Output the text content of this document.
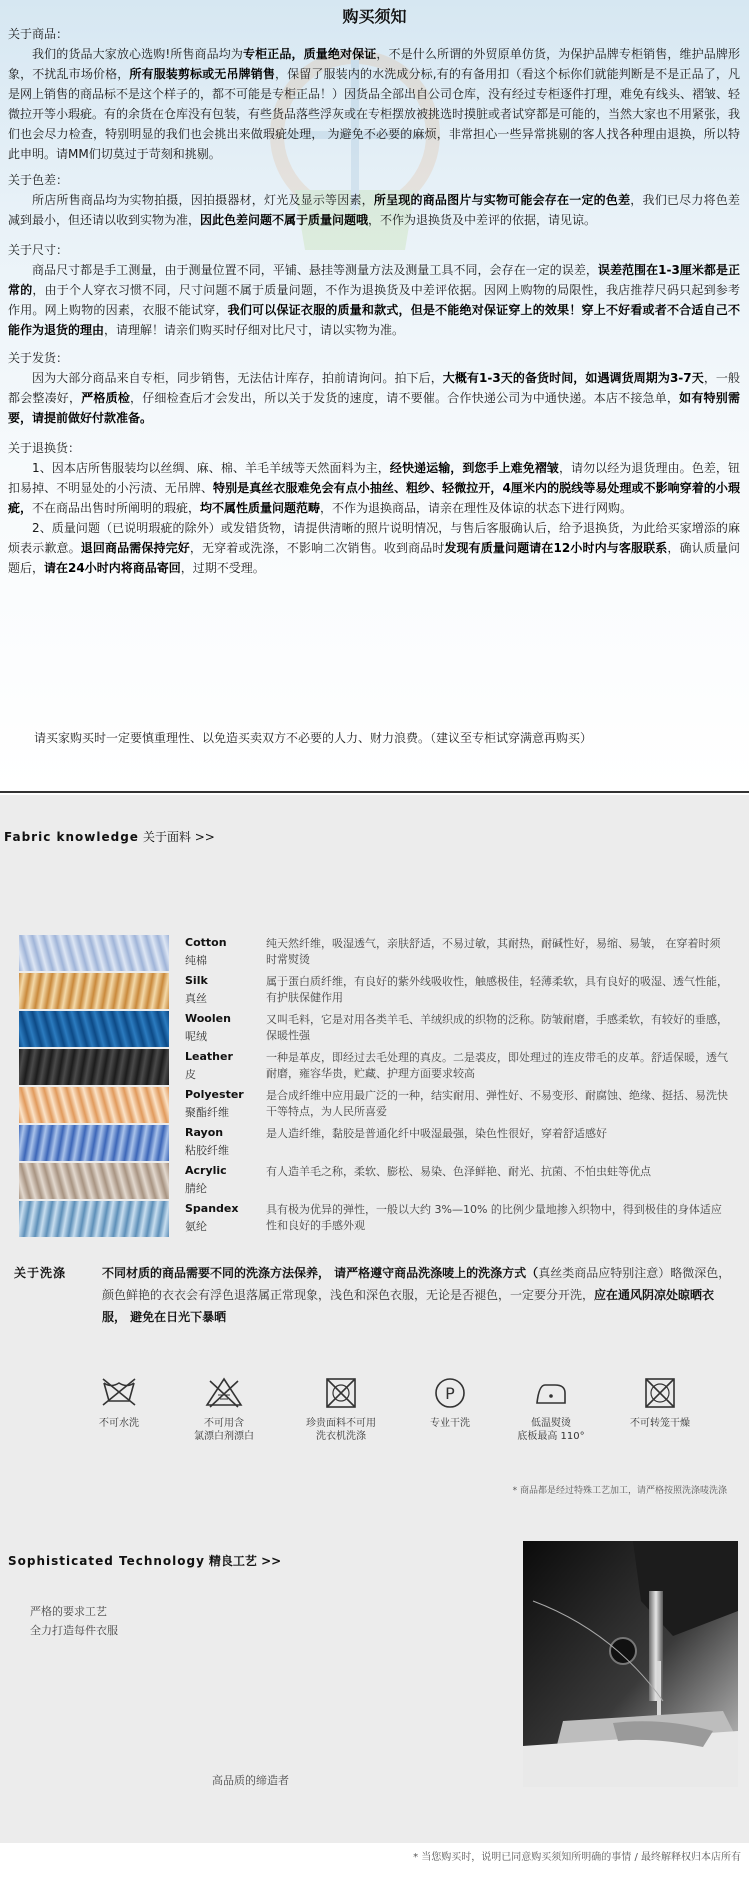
购买须知
关于商品：
我们的货品大家放心选购!所售商品均为专柜正品，质量绝对保证，不是什么所谓的外贸原单仿货，为保护品牌专柜销售，维护品牌形象，不扰乱市场价格，所有服装剪标或无吊牌销售，保留了服装内的水洗成分标,有的有备用扣（看这个标你们就能判断是不是正品了，凡是网上销售的商品标不是这个样子的，都不可能是专柜正品！）因货品全部出自公司仓库，没有经过专柜逐件打理，难免有线头、褶皱、轻微拉开等小瑕疵。有的余货在仓库没有包装，有些货品落些浮灰或在专柜摆放被挑选时摸脏或者试穿都是可能的，当然大家也不用紧张，我们也会尽力检查，特别明显的我们也会挑出来做瑕疵处理， 为避免不必要的麻烦，非常担心一些异常挑剔的客人找各种理由退换，所以特此申明。请MM们切莫过于苛刻和挑剔。
关于色差：
所店所售商品均为实物拍摄，因拍摄器材，灯光及显示等因素，所呈现的商品图片与实物可能会存在一定的色差，我们已尽力将色差减到最小，但还请以收到实物为准，因此色差问题不属于质量问题哦，不作为退换货及中差评的依据，请见谅。
关于尺寸：
商品尺寸都是手工测量，由于测量位置不同，平铺、悬挂等测量方法及测量工具不同，会存在一定的误差，误差范围在1-3厘米都是正常的，由于个人穿衣习惯不同，尺寸问题不属于质量问题，不作为退换货及中差评依据。因网上购物的局限性，我店推荐尺码只起到参考作用。网上购物的因素，衣服不能试穿，我们可以保证衣服的质量和款式，但是不能绝对保证穿上的效果！穿上不好看或者不合适自己不能作为退货的理由，请理解！请亲们购买时仔细对比尺寸，请以实物为准。
关于发货：
因为大部分商品来自专柜，同步销售，无法估计库存，拍前请询问。拍下后，大概有1-3天的备货时间，如遇调货周期为3-7天，一般都会整凑好，严格质检，仔细检查后才会发出，所以关于发货的速度，请不要催。合作快递公司为中通快递。本店不接急单，如有特别需要，请提前做好付款准备。
关于退换货：
1、因本店所售服装均以丝绸、麻、棉、羊毛羊绒等天然面料为主，经快递运输，到您手上难免褶皱，请勿以经为退货理由。色差，钮扣易掉、不明显处的小污渍、无吊牌、特别是真丝衣服难免会有点小抽丝、粗纱、轻微拉开，4厘米内的脱线等易处理或不影响穿着的小瑕疵，不在商品出售时所阐明的瑕疵，均不属性质量问题范畴，不作为退换商品，请亲在理性及体谅的状态下进行网购。
2、质量问题（已说明瑕疵的除外）或发错货物，请提供清晰的照片说明情况，与售后客服确认后，给予退换货，为此给买家增添的麻烦表示歉意。退回商品需保持完好，无穿着或洗涤，不影响二次销售。收到商品时发现有质量问题请在12小时内与客服联系，确认质量问题后，请在24小时内将商品寄回，过期不受理。
请买家购买时一定要慎重理性、以免造买卖双方不必要的人力、财力浪费。（建议至专柜试穿满意再购买）
Fabric knowledge 关于面料 >>
Cotton
纯棉
纯天然纤维，吸湿透气，亲肤舒适，不易过敏，其耐热，耐碱性好，易缩、易皱， 在穿着时须时常熨烫
Silk
真丝
属于蛋白质纤维，有良好的紫外线吸收性，触感极佳，轻薄柔软，具有良好的吸湿、透气性能，有护肤保健作用
Woolen
呢绒
又叫毛料，它是对用各类羊毛、羊绒织成的织物的泛称。防皱耐磨，手感柔软，有较好的垂感，保暖性强
Leather
皮
一种是革皮，即经过去毛处理的真皮。二是裘皮，即处理过的连皮带毛的皮革。舒适保暖，透气耐磨，雍容华贵，贮藏、护理方面要求较高
Polyester
聚酯纤维
是合成纤维中应用最广泛的一种，结实耐用、弹性好、不易变形、耐腐蚀、绝缘、挺括、易洗快干等特点，为人民所喜爱
Rayon
粘胶纤维
是人造纤维，黏胶是普通化纤中吸湿最强，染色性很好，穿着舒适感好
Acrylic
腈纶
有人造羊毛之称，柔软、膨松、易染、色泽鲜艳、耐光、抗菌、不怕虫蛀等优点
Spandex
氨纶
具有极为优异的弹性，一般以大约 3%—10% 的比例少量地掺入织物中，得到极佳的身体适应性和良好的手感外观
关于洗涤	不同材质的商品需要不同的洗涤方法保养， 请严格遵守商品洗涤唛上的洗涤方式（真丝类商品应特别注意）略微深色，颜色鲜艳的衣衣会有浮色退落属正常现象，浅色和深色衣服，无论是否褪色，一定要分开洗，应在通风阴凉处晾晒衣服， 避免在日光下暴晒
不可水洗	不可用含
氯漂白剂漂白
珍贵面料不可用
洗衣机洗涤
P
专业干洗	低温熨烫
底板最高 110°
不可转笼干燥
* 商品都是经过特殊工艺加工，请严格按照洗涤唛洗涤
Sophisticated Technology 精良工艺 >>
严格的要求工艺
全力打造每件衣服
高品质的缔造者
* 当您购买时，说明已同意购买须知所明确的事情 / 最终解释权归本店所有
